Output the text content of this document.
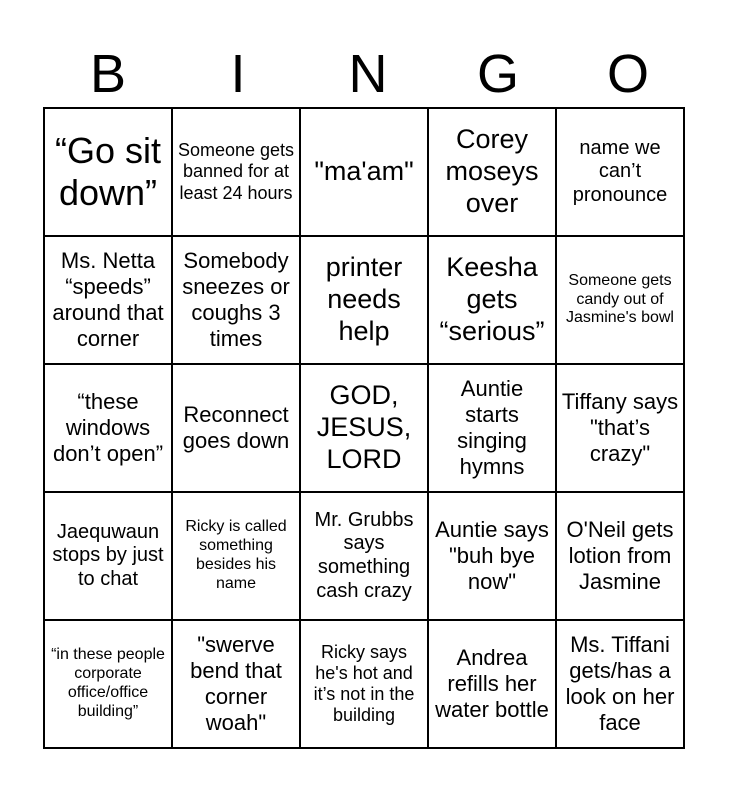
B	I	N	G	O
“Go sit down”	Someone gets banned for at least 24 hours	"ma'am"	Corey moseys over	name we can’t pronounce
Ms. Netta “speeds” around that corner	Somebody sneezes or coughs 3 times	printer needs help	Keesha gets “serious”	Someone gets candy out of Jasmine's bowl
“these windows don’t open”	Reconnect goes down	GOD, JESUS, LORD	Auntie starts singing hymns	Tiffany says "that’s crazy"
Jaequwaun stops by just to chat	Ricky is called something besides his name	Mr. Grubbs says something cash crazy	Auntie says "buh bye now"	O'Neil gets lotion from Jasmine
“in these people corporate office/office building”	"swerve bend that corner woah"	Ricky says he's hot and it’s not in the building	Andrea refills her water bottle	Ms. Tiffani gets/has a look on her face
